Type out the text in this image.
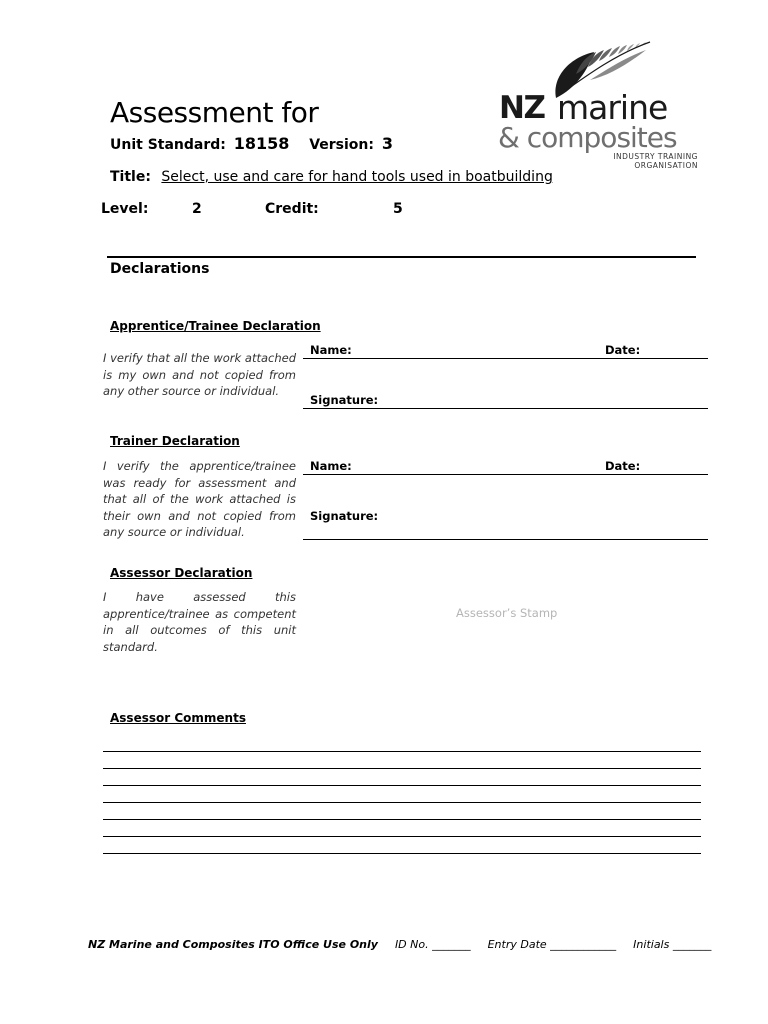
NZ marine
& composites
INDUSTRY TRAINING
ORGANISATION
Assessment for
Unit Standard: 18158 Version: 3
Title: Select, use and care for hand tools used in boatbuilding
Level:	2	Credit:	5
Declarations
Apprentice/Trainee Declaration
I verify that all the work attached is my own and not copied from any other source or individual.
Name:	Date:
Signature:
Trainer Declaration
I verify the apprentice/trainee was ready for assessment and that all of the work attached is their own and not copied from any source or individual.
Name:	Date:
Signature:
Assessor Declaration
I have assessed this apprentice/trainee as competent in all outcomes of this unit standard.
Assessor’s Stamp
Assessor Comments
NZ Marine and Composites ITO Office Use Only ID No. _______ Entry Date ____________ Initials _______
